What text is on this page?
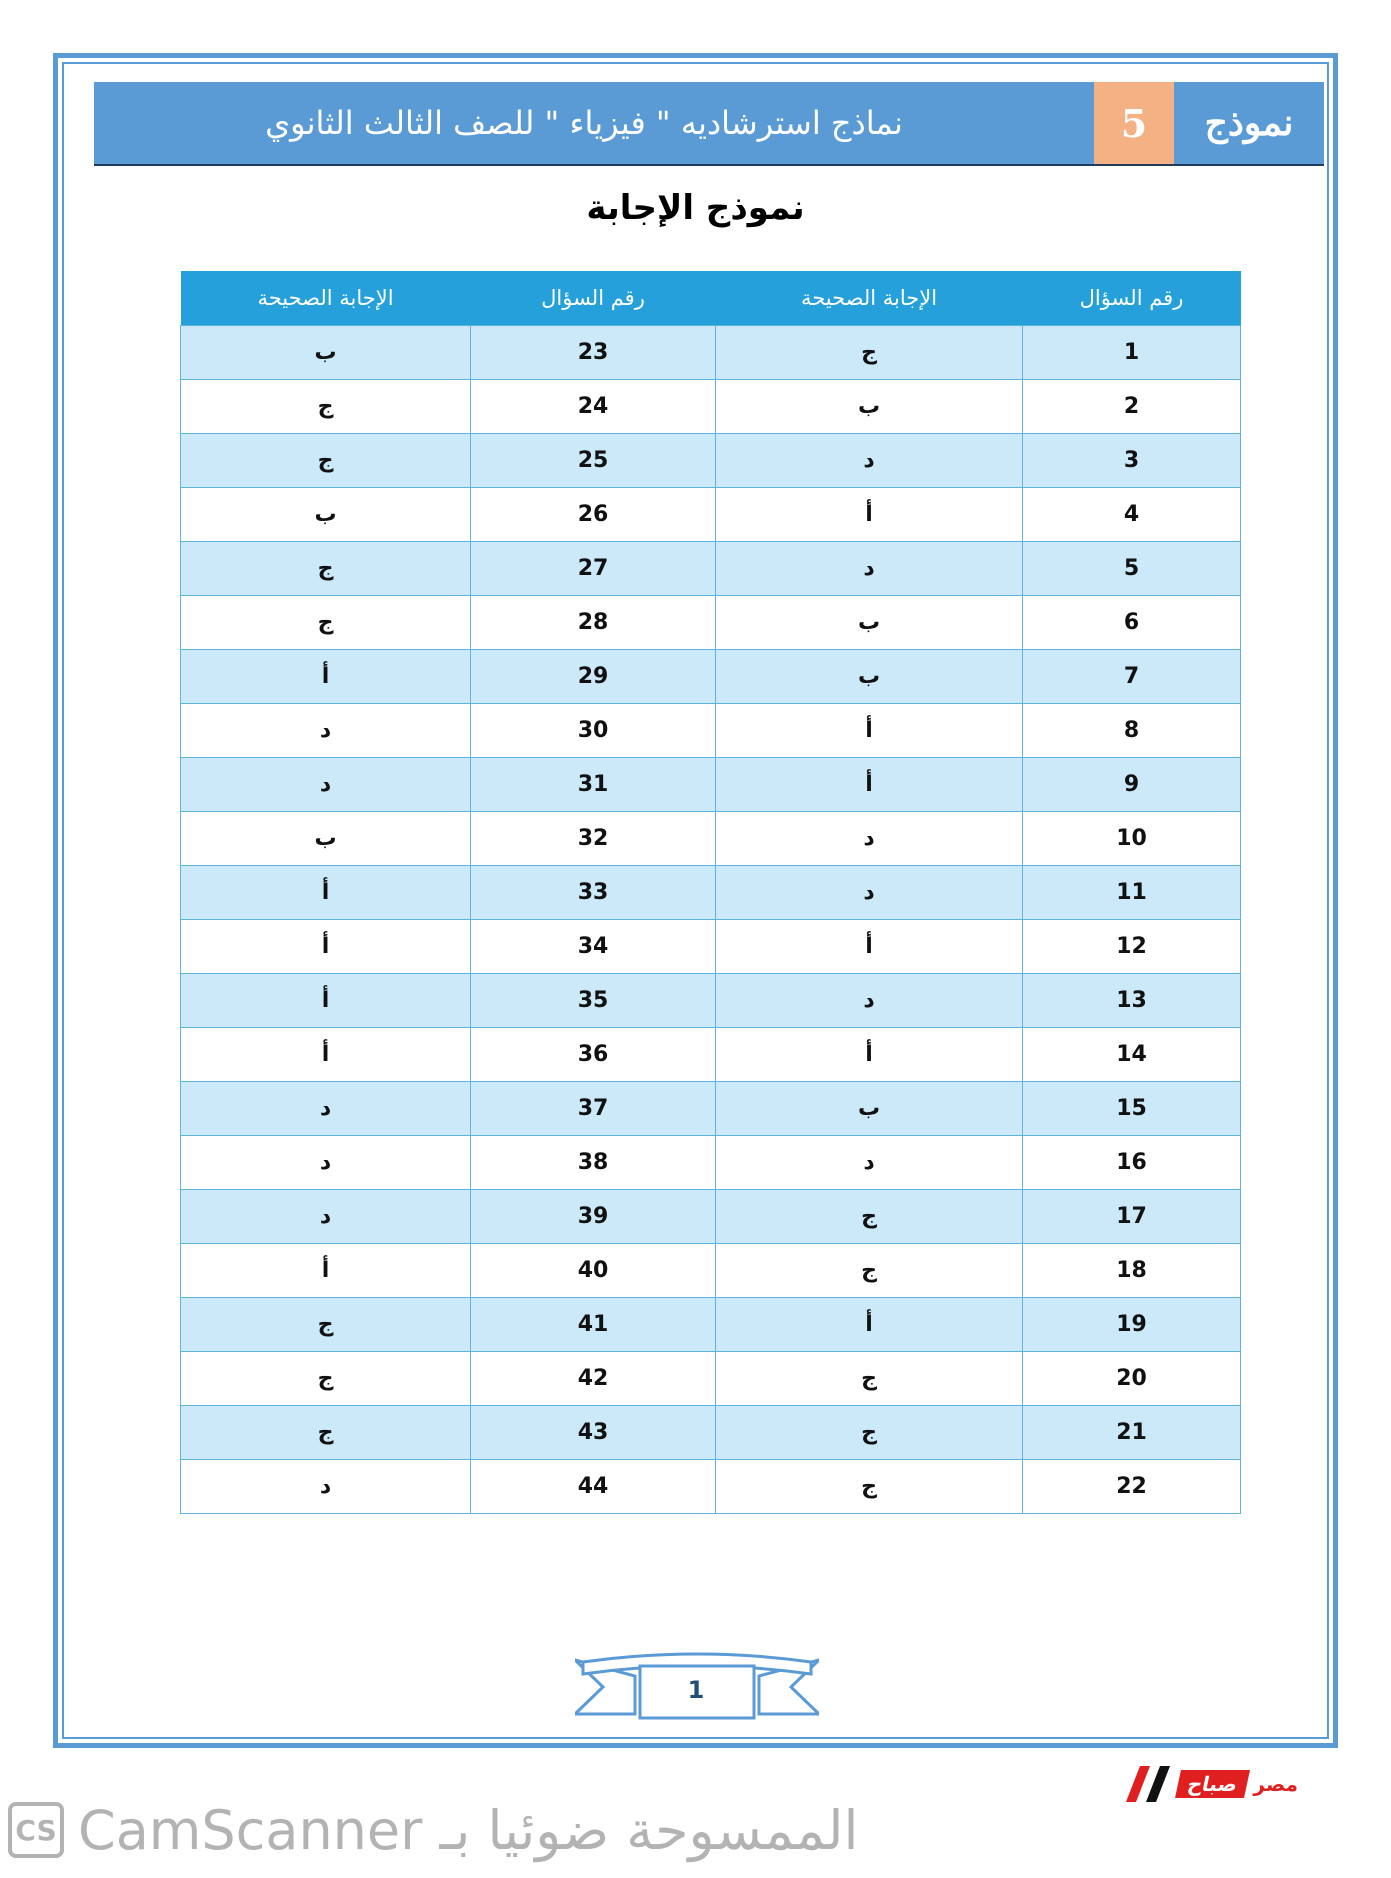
نموذج
5
نماذج استرشاديه " فيزياء " للصف الثالث الثانوي
نموذج الإجابة
رقم السؤال	الإجابة الصحيحة	رقم السؤال	الإجابة الصحيحة
1	ج	23	ب
2	ب	24	ج
3	د	25	ج
4	أ	26	ب
5	د	27	ج
6	ب	28	ج
7	ب	29	أ
8	أ	30	د
9	أ	31	د
10	د	32	ب
11	د	33	أ
12	أ	34	أ
13	د	35	أ
14	أ	36	أ
15	ب	37	د
16	د	38	د
17	ج	39	د
18	ج	40	أ
19	أ	41	ج
20	ج	42	ج
21	ج	43	ج
22	ج	44	د
1
صباح مصر
CS الممسوحة ضوئيا بـ CamScanner
